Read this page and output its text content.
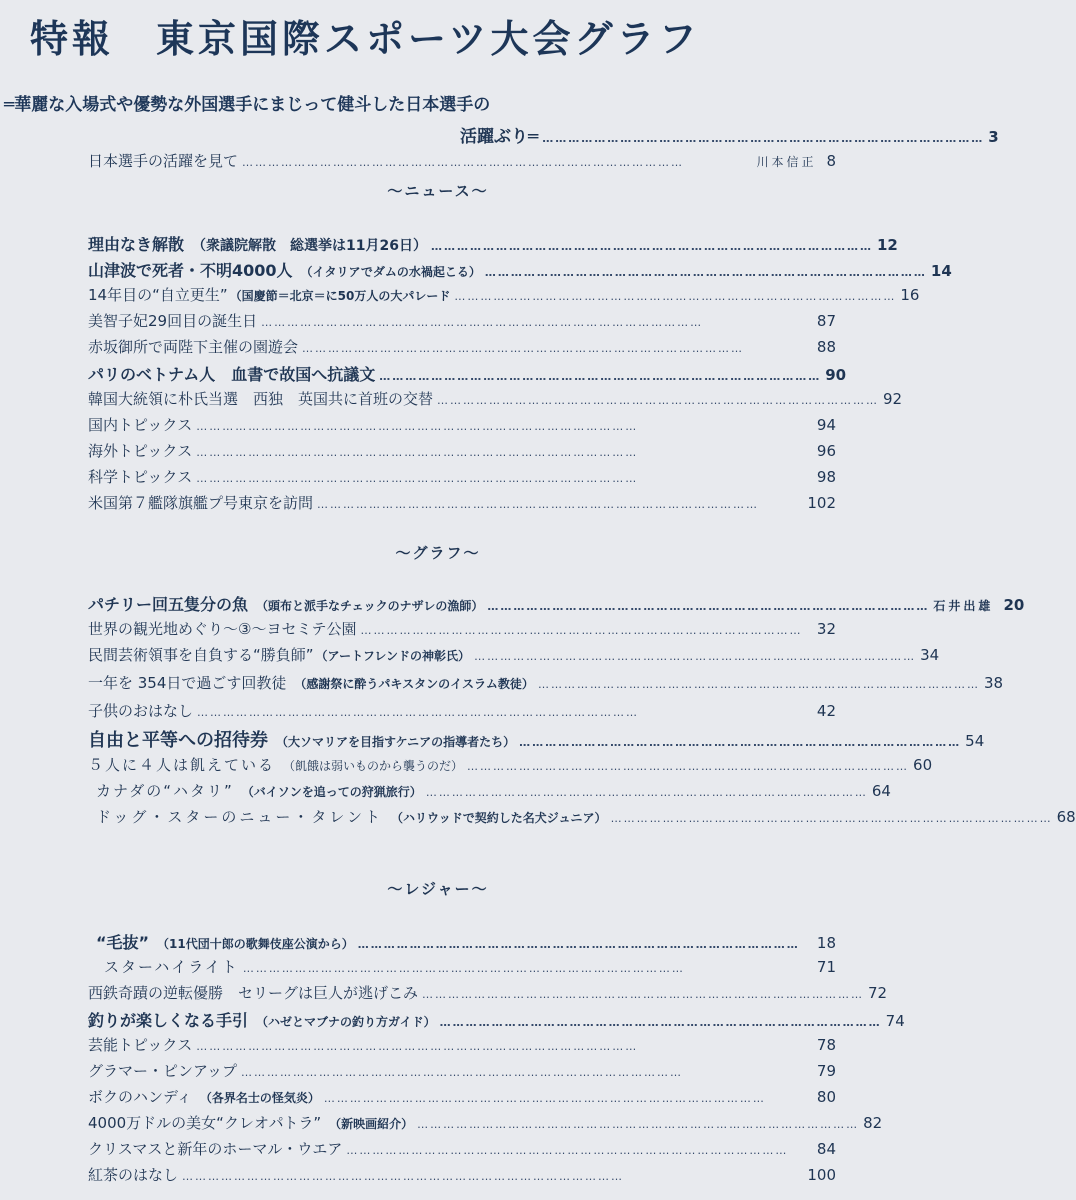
特報　東京国際スポーツ大会グラフ
═華麗な入場式や優勢な外国選手にまじって健斗した日本選手の
活躍ぶり═ ………………………………………………………………………………………… 3
日本選手の活躍を見て …………………………………………………………………………………………	川本信正 8
～ニュース～
理由なき解散 （衆議院解散　総選挙は11月26日） ………………………………………………………………………………………… 12
山津波で死者・不明4000人 （イタリアでダムの水禍起こる） ………………………………………………………………………………………… 14
14年目の“自立更生” （国慶節＝北京＝に50万人の大パレード ………………………………………………………………………………………… 16
美智子妃29回目の誕生日 …………………………………………………………………………………………	87
赤坂御所で両陛下主催の園遊会 …………………………………………………………………………………………	88
パリのベトナム人　血書で故国へ抗議文 ………………………………………………………………………………………… 90
韓国大統領に朴氏当選　西独　英国共に首班の交替 ………………………………………………………………………………………… 92
国内トピックス …………………………………………………………………………………………	94
海外トピックス …………………………………………………………………………………………	96
科学トピックス …………………………………………………………………………………………	98
米国第７艦隊旗艦プ号東京を訪問 …………………………………………………………………………………………	102
～グラフ～
パチリー回五隻分の魚 （頭布と派手なチェックのナザレの漁師） ………………………………………………………………………………………… 石井出雄 20
世界の観光地めぐり～③～ヨセミテ公園 ………………………………………………………………………………………… 32
民間芸術領事を自負する“勝負師” （アートフレンドの神彰氏） ………………………………………………………………………………………… 34
一年を 354日で過ごす回教徒 （感謝祭に酔うパキスタンのイスラム教徒） ………………………………………………………………………………………… 38
子供のおはなし …………………………………………………………………………………………	42
自由と平等への招待券 （大ソマリアを目指すケニアの指導者たち） ………………………………………………………………………………………… 54
５人に４人は飢えている （飢餓は弱いものから襲うのだ） ………………………………………………………………………………………… 60
カナダの“ハタリ” （バイソンを追っての狩猟旅行） ………………………………………………………………………………………… 64
ドッグ・スターのニュー・タレント （ハリウッドで契約した名犬ジュニア） ………………………………………………………………………………………… 68
～レジャー～
“毛抜” （11代団十郎の歌舞伎座公演から） …………………………………………………………………………………………	18
スターハイライト …………………………………………………………………………………………	71
西鉄奇蹟の逆転優勝　セリーグは巨人が逃げこみ ………………………………………………………………………………………… 72
釣りが楽しくなる手引 （ハゼとマブナの釣り方ガイド） ………………………………………………………………………………………… 74
芸能トピックス …………………………………………………………………………………………	78
グラマー・ピンアップ …………………………………………………………………………………………	79
ボクのハンディ （各界名士の怪気炎） …………………………………………………………………………………………	80
4000万ドルの美女“クレオパトラ” （新映画紹介） ………………………………………………………………………………………… 82
クリスマスと新年のホーマル・ウエア …………………………………………………………………………………………	84
紅茶のはなし …………………………………………………………………………………………	100
